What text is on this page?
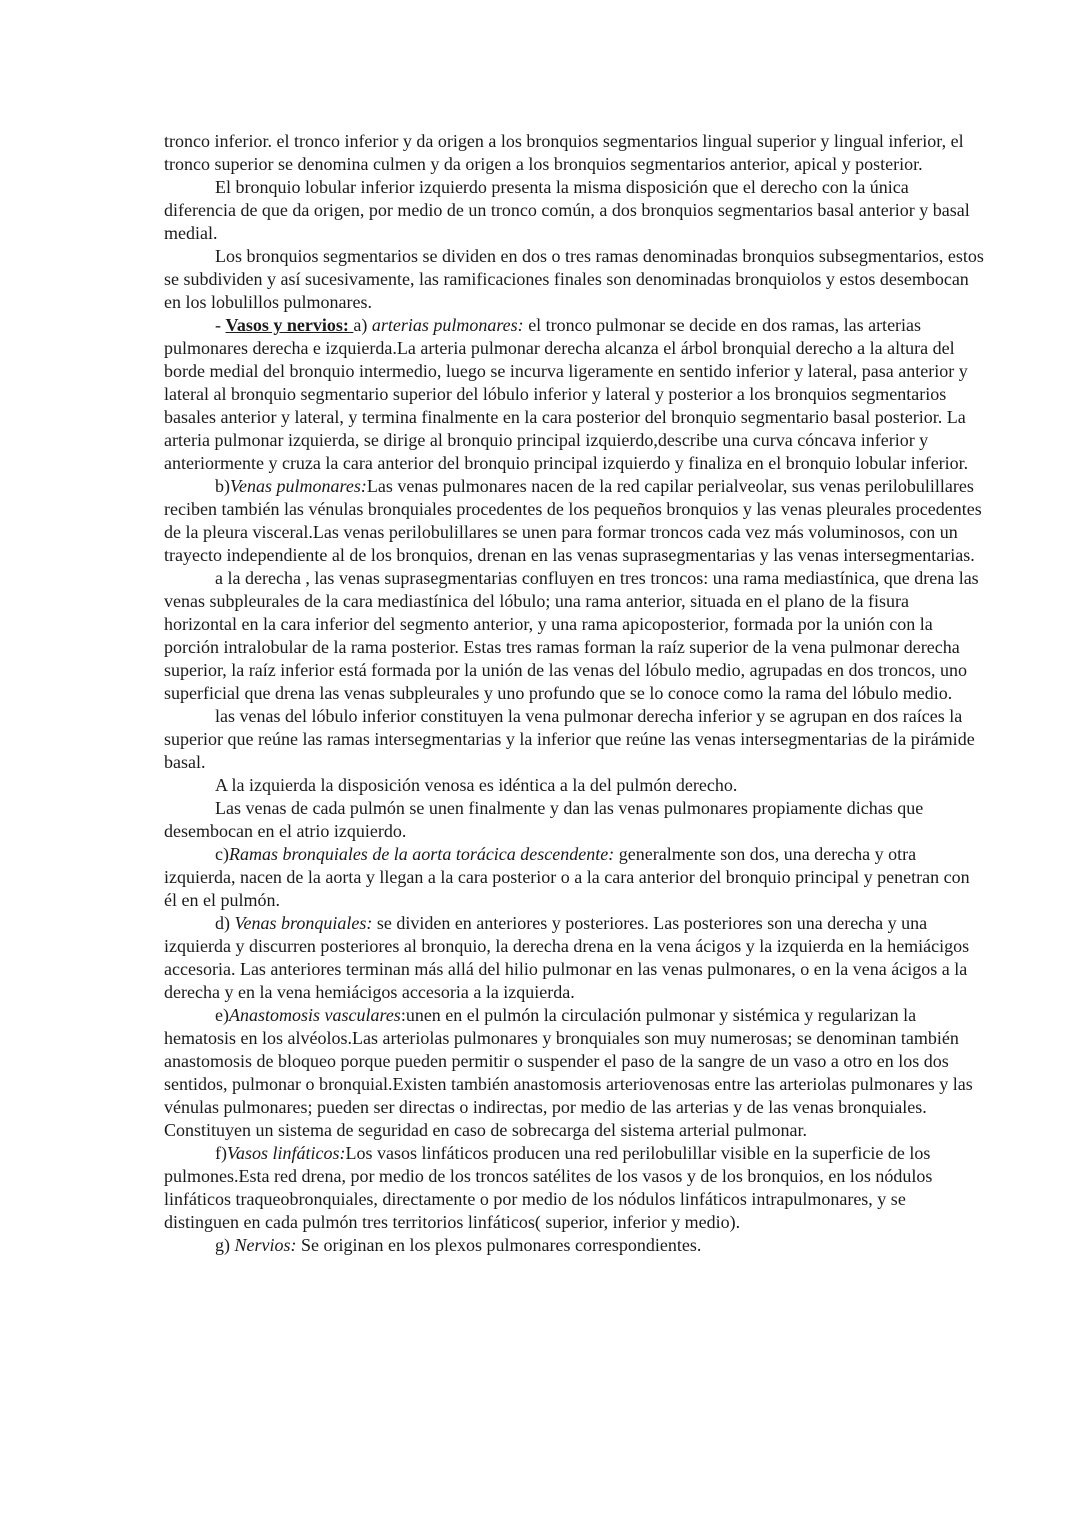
tronco inferior. el tronco inferior y da origen a los bronquios segmentarios lingual superior y lingual inferior, el tronco superior se denomina culmen y da origen a los bronquios segmentarios anterior, apical y posterior.

El bronquio lobular inferior izquierdo presenta la misma disposición que el derecho con la única diferencia de que da origen, por medio de un tronco común, a dos bronquios segmentarios basal anterior y basal medial.

Los bronquios segmentarios se dividen en dos o tres ramas denominadas bronquios subsegmentarios, estos se subdividen y así sucesivamente, las ramificaciones finales son denominadas bronquiolos y estos desembocan en los lobulillos pulmonares.

- Vasos y nervios: a) arterias pulmonares: el tronco pulmonar se decide en dos ramas, las arterias pulmonares derecha e izquierda.La arteria pulmonar derecha alcanza el árbol bronquial derecho a la altura del borde medial del bronquio intermedio, luego se incurva ligeramente en sentido inferior y lateral, pasa anterior y lateral al bronquio segmentario superior del lóbulo inferior y lateral y posterior a los bronquios segmentarios basales anterior y lateral, y termina finalmente en la cara posterior del bronquio segmentario basal posterior. La arteria pulmonar izquierda, se dirige al bronquio principal izquierdo,describe una curva cóncava inferior y anteriormente y cruza la cara anterior del bronquio principal izquierdo y finaliza en el bronquio lobular inferior.

b)Venas pulmonares:Las venas pulmonares nacen de la red capilar perialveolar, sus venas perilobulillares reciben también las vénulas bronquiales procedentes de los pequeños bronquios y las venas pleurales procedentes de la pleura visceral.Las venas perilobulillares se unen para formar troncos cada vez más voluminosos, con un trayecto independiente al de los bronquios, drenan en las venas suprasegmentarias y las venas intersegmentarias.

a la derecha , las venas suprasegmentarias confluyen en tres troncos: una rama mediastínica, que drena las venas subpleurales de la cara mediastínica del lóbulo; una rama anterior, situada en el plano de la fisura horizontal en la cara inferior del segmento anterior, y una rama apicoposterior, formada por la unión con la porción intralobular de la rama posterior. Estas tres ramas forman la raíz superior de la vena pulmonar derecha superior, la raíz inferior está formada por la unión de las venas del lóbulo medio, agrupadas en dos troncos, uno superficial que drena las venas subpleurales y uno profundo que se lo conoce como la rama del lóbulo medio.

las venas del lóbulo inferior constituyen la vena pulmonar derecha inferior y se agrupan en dos raíces la superior que reúne las ramas intersegmentarias y la inferior que reúne las venas intersegmentarias de la pirámide basal.

A la izquierda la disposición venosa es idéntica a la del pulmón derecho.

Las venas de cada pulmón se unen finalmente y dan las venas pulmonares propiamente dichas que desembocan en el atrio izquierdo.

c)Ramas bronquiales de la aorta torácica descendente: generalmente son dos, una derecha y otra izquierda, nacen de la aorta y llegan a la cara posterior o a la cara anterior del bronquio principal y penetran con él en el pulmón.

d) Venas bronquiales: se dividen en anteriores y posteriores. Las posteriores son una derecha y una izquierda y discurren posteriores al bronquio, la derecha drena en la vena ácigos y la izquierda en la hemiácigos accesoria. Las anteriores terminan más allá del hilio pulmonar en las venas pulmonares, o en la vena ácigos a la derecha y en la vena hemiácigos accesoria a la izquierda.

e)Anastomosis vasculares:unen en el pulmón la circulación pulmonar y sistémica y regularizan la hematosis en los alvéolos.Las arteriolas pulmonares y bronquiales son muy numerosas; se denominan también anastomosis de bloqueo porque pueden permitir o suspender el paso de la sangre de un vaso a otro en los dos sentidos, pulmonar o bronquial.Existen también anastomosis arteriovenosas entre las arteriolas pulmonares y las vénulas pulmonares; pueden ser directas o indirectas, por medio de las arterias y de las venas bronquiales. Constituyen un sistema de seguridad en caso de sobrecarga del sistema arterial pulmonar.

f)Vasos linfáticos:Los vasos linfáticos producen una red perilobulillar visible en la superficie de los pulmones.Esta red drena, por medio de los troncos satélites de los vasos y de los bronquios, en los nódulos linfáticos traqueobronquiales, directamente o por medio de los nódulos linfáticos intrapulmonares, y se distinguen en cada pulmón tres territorios linfáticos( superior, inferior y medio).

g) Nervios: Se originan en los plexos pulmonares correspondientes.
